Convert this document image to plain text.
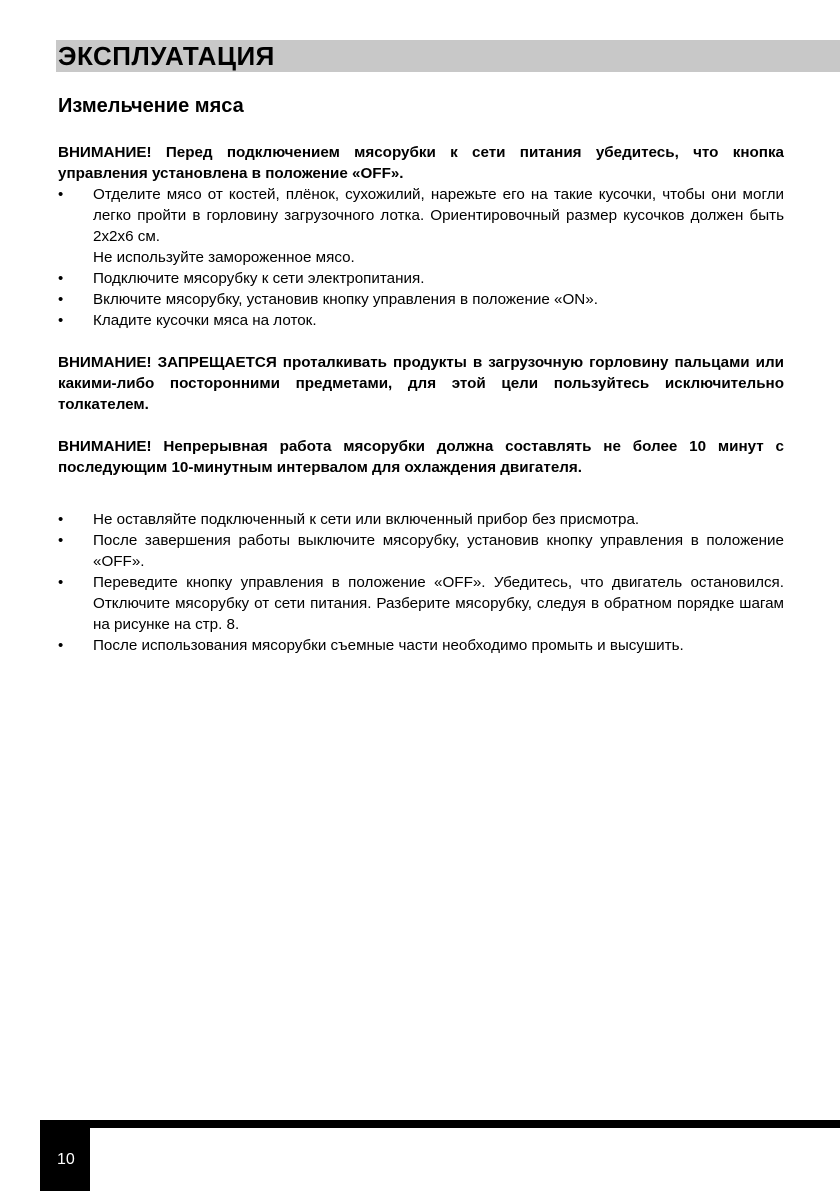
ЭКСПЛУАТАЦИЯ
Измельчение мяса

ВНИМАНИЕ! Перед подключением мясорубки к сети питания убедитесь, что кнопка управления установлена в положение «OFF».

• Отделите мясо от костей, плёнок, сухожилий, нарежьте его на такие кусочки, чтобы они могли легко пройти в горловину загрузочного лотка. Ориентировочный размер кусочков должен быть 2х2х6 см.
Не используйте замороженное мясо.
• Подключите мясорубку к сети электропитания.
• Включите мясорубку, установив кнопку управления в положение «ON».
• Кладите кусочки мяса на лоток.

ВНИМАНИЕ! ЗАПРЕЩАЕТСЯ проталкивать продукты в загрузочную горловину пальцами или какими-либо посторонними предметами, для этой цели пользуйтесь исключительно толкателем.

ВНИМАНИЕ! Непрерывная работа мясорубки должна составлять не более 10 минут с последующим 10-минутным интервалом для охлаждения двигателя.

• Не оставляйте подключенный к сети или включенный прибор без присмотра.
• После завершения работы выключите мясорубку, установив кнопку управления в положение «OFF».
• Переведите кнопку управления в положение «OFF». Убедитесь, что двигатель остановился. Отключите мясорубку от сети питания. Разберите мясорубку, следуя в обратном порядке шагам на рисунке на стр. 8.
• После использования мясорубки съемные части необходимо промыть и высушить.
10
